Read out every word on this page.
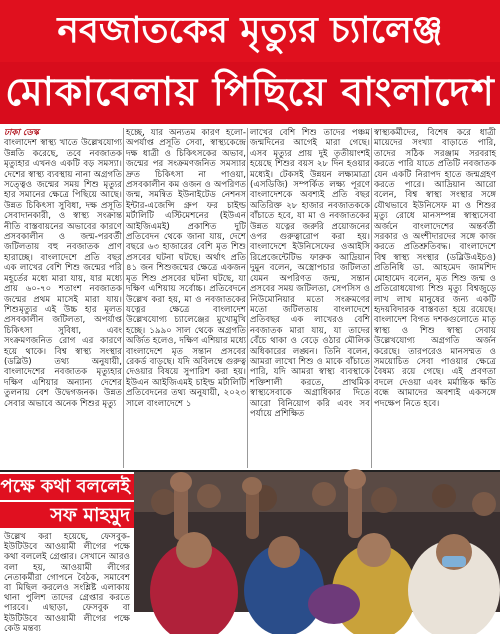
নবজাতকের মৃত্যুর চ্যালেঞ্জ
মোকাবেলায় পিছিয়ে বাংলাদেশ
ঢাকা ডেস্ক
বাংলাদেশ স্বাস্থ্য খাতে উল্লেখযোগ্য উন্নতি করেছে, তবে নবজাতক মৃত্যুহার এখনও একটি বড় সমস্যা। দেশের স্বাস্থ্য ব্যবস্থায় নানা অগ্রগতি সত্ত্বেও জন্মের সময় শিশু মৃত্যুর হার সমানের ক্ষেত্রে পিছিয়ে আছে। উন্নত চিকিৎসা সুবিধা, দক্ষ প্রসূতি সেবাদানকারী, ও স্বাস্থ্য সংক্রান্ত নীতি বাস্তবায়নের অভাবের কারণে প্রসবকালীন ও জন্ম-পরবর্তী জটিলতায় বহু নবজাতক প্রাণ হারাচ্ছে। বাংলাদেশে প্রতি বছর এক লাখের বেশি শিশু জন্মের পরি মহূর্তের মধ্যে মারা যায়, যার মধ্যে প্রায় ৬০-৭০ শতাংশ নবজাতক জন্মের প্রথম মাসেই মারা যায়। শিশুমৃত্যুর এই উচ্চ হার মূলত প্রসবকালীন জটিলতা, অপর্যাপ্ত চিকিৎসা সুবিধা, এবং সংক্রমণজনিত রোগ এর কারণে হয়ে থাকে। বিশ্ব স্বাস্থ্য সংস্থার (ডব্লিউ) তথ্য অনুযায়ী, বাংলাদেশের নবজাতক মৃত্যুহার দক্ষিণ এশিয়ার অন্যান্য দেশের তুলনায় বেশ উদ্বেগজনক। উন্নত সেবার অভাবে অনেক শিশুর মৃত্যু
হচ্ছে, যার অন্যতম কারণ হলো- অপর্যাপ্ত প্রসূতি সেবা, স্বাস্থ্যকেন্দ্রে দক্ষ ধাত্রী ও চিকিৎসকের অভাব, জন্মের পর সংক্রমণজনিত সমস্যার দ্রুত চিকিৎসা না পাওয়া, প্রসবকালীন কম ওজন ও অপরিণত জন্ম, সমন্বিত ইউনাইটেড নেশনস ইন্টার-এজেন্সি গ্রুপ ফর চাইল্ড মর্টালিটি এস্টিমেশনের (ইউএন আইজিএমই) প্রকাশিত দুটি প্রতিবেদন থেকে জানা যায়, দেশে বছরে ৬৩ হাজারের বেশি মৃত শিশু প্রসবের ঘটনা ঘটছে। অর্থাৎ প্রতি ৪১ জন শিশুজন্মের ক্ষেত্রে একজন মৃত শিশু প্রসবের ঘটনা ঘটছে, যা দক্ষিণ এশিয়ায় সর্বোচ্চ। প্রতিবেদনে উল্লেখ করা হয়, মা ও নবজাতকের যত্নের ক্ষেত্রে বাংলাদেশ উল্লেখযোগ্য চ্যালেঞ্জের মুখোমুখি হচ্ছে। ১৯৯০ সাল থেকে অগ্রগতি অর্জিত হলেও, দক্ষিণ এশিয়ার মধ্যে বাংলাদেশে মৃত সন্তান প্রসবের রেকর্ড বাড়ছে। যদি অবিলম্বে গুরুত্ব দেওয়ার বিষয়ে সুপারিশ করা হয়। ইউএন আইজিএমই চাইল্ড মর্টালিটি প্রতিবেদনের তথ্য অনুযায়ী, ২০২৩ সালে বাংলাদেশে ১
লাখের বেশি শিশু তাদের পঞ্চম জন্মদিনের আগেই মারা গেছে। এসব মৃত্যুর প্রায় দুই তৃতীয়াংশই হয়েছে শিশুর বয়স ২৮ দিন হওয়ার মধ্যেই। টেকসই উন্নয়ন লক্ষ্যমাত্রা (এসডিজি) সম্পর্কিত লক্ষ্য পূরণে বাংলাদেশকে অবশ্যই প্রতি বছর অতিরিক্ত ২৮ হাজার নবজাতককে বাঁচাতে হবে, যা মা ও নবজাতকের উন্নত যত্নের জরুরি প্রয়োজনের ওপর গুরুত্বারোপ করা হয়। বাংলাদেশে ইউনিসেফের ওআইসি রিপ্রেজেন্টেটিভ ফারুক আদ্রিয়ান দুমুন বলেন, অস্ত্রোপচার জটিলতা যেমন অপরিণত জন্ম, সন্তান প্রসবের সময় জটিলতা, সেপসিস ও নিউমোনিয়ার মতো সংক্রমণের মতো জটিলতায় বাংলাদেশে প্রতিবছর এক লাখেরও বেশি নবজাতক মারা যায়, যা তাদের বেঁচে থাকা ও বেড়ে ওঠার মৌলিক অধিকারের লঙ্ঘন। তিনি বলেন, আমরা লাখো শিশু ও মাকে বাঁচাতে পারি, যদি আমরা স্বাস্থ্য ব্যবস্থাকে শক্তিশালী করতে, প্রাথমিক স্বাস্থ্যসেবাকে অগ্রাধিকার দিতে আরো বিনিয়োগ করি এবং সব পর্যায়ে প্রশিক্ষিত
স্বাস্থ্যকর্মীদের, বিশেষ করে ধাত্রী মায়েদের সংখ্যা বাড়াতে পারি, তাদের সঠিক সরঞ্জাম সরবরাহ করতে পারি যাতে প্রতিটি নবজাতক যেন একটি নিরাপদ হাতে জন্মগ্রহণ করতে পারে। আদ্রিয়ান আরো বলেন, বিশ্ব স্বাস্থ্য সংস্থার সঙ্গে যৌথভাবে ইউনিসেফ মা ও শিশুর মৃত্যু রোধে মানসম্পন্ন স্বাস্থ্যসেবা অর্জনে বাংলাদেশের অন্তর্বর্তী সরকার ও অংশীদারদের সঙ্গে কাজ করতে প্রতিশ্রুতিবদ্ধ। বাংলাদেশে বিশ্ব স্বাস্থ্য সংস্থার (ডব্লিউএইচও) প্রতিনিধি ডা. আহমেদ জামশিদ মোহামেদ বলেন, মৃত শিশু জন্ম ও প্রতিরোধযোগ্য শিশু মৃত্যু বিশ্বজুড়ে লাখ লাখ মানুষের জন্য একটি হৃদয়বিদারক বাস্তবতা হয়ে রয়েছে। বাংলাদেশ বিগত দশকগুলোতে মাতৃ স্বাস্থ্য ও শিশু স্বাস্থ্য সেবায় উল্লেখযোগ্য অগ্রগতি অর্জন করেছে। তারপরেও মানসম্মত ও সময়োচিত সেবা পাওয়ার ক্ষেত্রে বৈষম্য রয়ে গেছে। এই প্রবণতা বদলে দেওয়া এবং মর্মান্তিক ক্ষতি বন্ধে আমাদের অবশ্যই একসঙ্গে পদক্ষেপ নিতে হবে।
পক্ষে কথা বললেই
সফ মাহমুদ
উল্লেখ করা হয়েছে, ফেসবুক-ইউটিউবে আওয়ামী লীগের পক্ষে কথা বললেই গ্রেপ্তার। সেখানে আরও বলা হয়, আওয়ামী লীগের নেতাকর্মীরা গোপনে বৈঠক, সমাবেশ বা মিছিল করলেও সংশ্লিষ্ট এলাকায় থানা পুলিশ তাদের গ্রেপ্তার করতে পারবে। এছাড়া, ফেসবুক বা ইউটিউবে আওয়ামী লীগের পক্ষে কেউ মন্তব্য
